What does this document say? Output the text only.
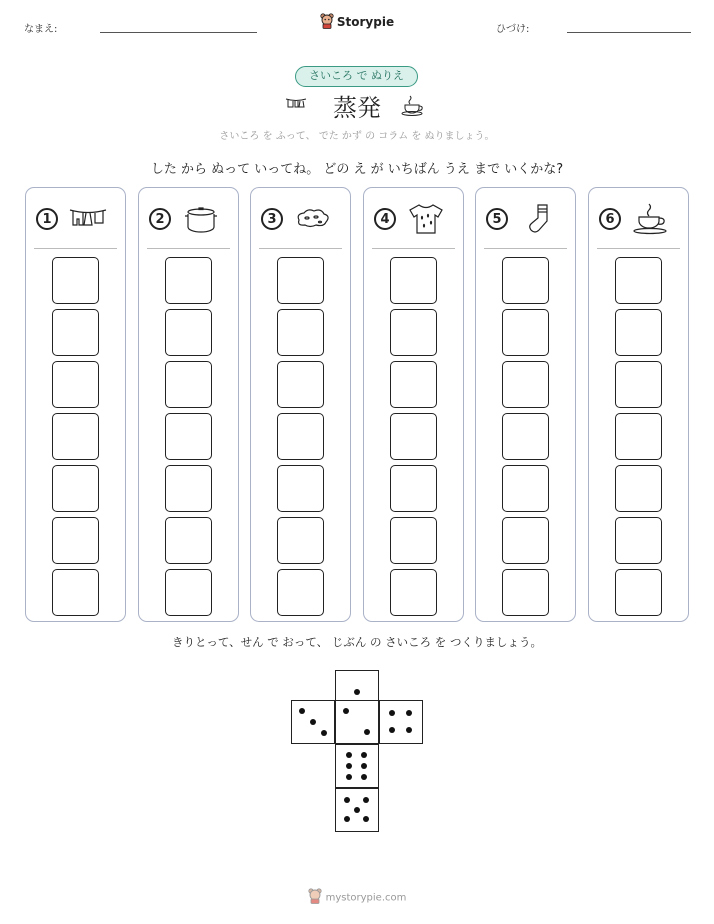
なまえ:	ひづけ:
Storypie
さいころ で ぬりえ
蒸発
さいころ を ふって、 でた かず の コラム を ぬりましょう。
した から ぬって いってね。 どの え が いちばん うえ まで いくかな?
1	2	3	4	5	6
きりとって、せん で おって、 じぶん の さいころ を つくりましょう。
mystorypie.com
